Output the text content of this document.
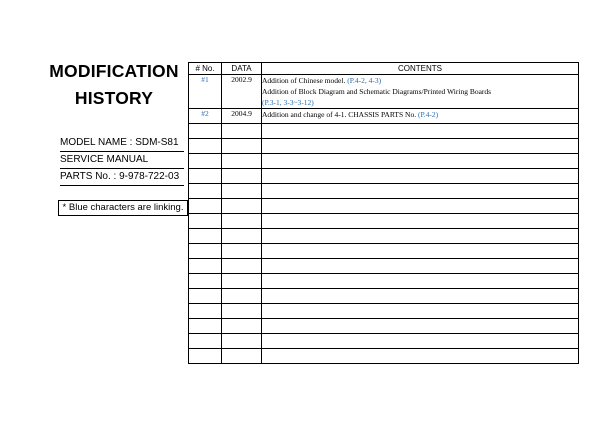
MODIFICATION
HISTORY
MODEL NAME : SDM-S81
SERVICE MANUAL
PARTS No. : 9-978-722-03
* Blue characters are linking.
# No.	DATA	CONTENTS
#1	2002.9	Addition of Chinese model. (P.4-2, 4-3)
Addition of Block Diagram and Schematic Diagrams/Printed Wiring Boards
(P.3-1, 3-3~3-12)

#2	2004.9	Addition and change of 4-1. CHASSIS PARTS No. (P.4-2)
